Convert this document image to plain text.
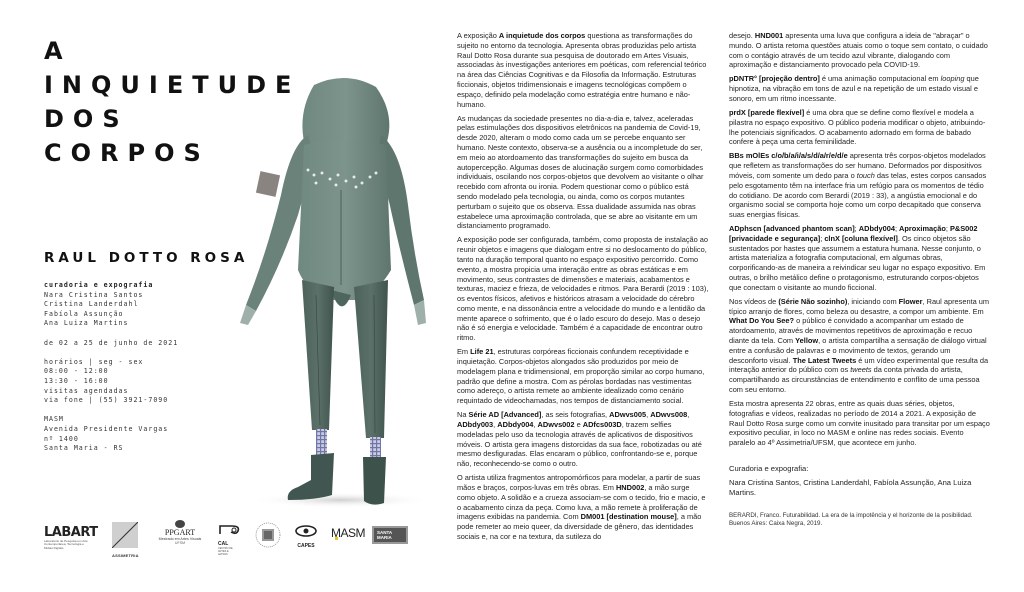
A
INQUIETUDE
DOS
CORPOS
RAUL DOTTO ROSA
curadoria e expografia
Nara Cristina Santos
Cristina Landerdahl
Fabíola Assunção
Ana Luiza Martins
de 02 a 25 de junho de 2021
horários | seg - sex
08:00 - 12:00
13:30 - 16:00
visitas agendadas
via fone | (55) 3921-7090
MASM
Avenida Presidente Vargas
nº 1400
Santa Maria - RS

A exposição A inquietude dos corpos questiona as transformações do sujeito no entorno da tecnologia. Apresenta obras produzidas pelo artista Raul Dotto Rosa durante sua pesquisa de doutorado em Artes Visuais, associadas às investigações anteriores em poéticas, com referencial teórico na área das Ciências Cognitivas e da Filosofia da Informação. Estruturas ficcionais, objetos tridimensionais e imagens tecnológicas compõem o espaço, definido pela modelação como estratégia entre humano e não-humano.

As mudanças da sociedade presentes no dia-a-dia e, talvez, aceleradas pelas estimulações dos dispositivos eletrônicos na pandemia de Covid-19, desde 2020, alteram o modo como cada um se percebe enquanto ser humano. Neste contexto, observa-se a ausência ou a incompletude do ser, em meio ao atordoamento das transformações do sujeito em busca da autopercepção. Algumas doses de alucinação surgem como comorbidades individuais, oscilando nos corpos-objetos que devolvem ao visitante o olhar recebido com afronta ou ironia. Podem questionar como o público está sendo modelado pela tecnologia, ou ainda, como os corpos mutantes perturbam o sujeito que os observa. Essa dualidade assumida nas obras estabelece uma aproximação controlada, que se abre ao visitante em um distanciamento programado.

A exposição pode ser configurada, também, como proposta de instalação ao reunir objetos e imagens que dialogam entre si no deslocamento do público, tanto na duração temporal quanto no espaço expositivo percorrido. Como evento, a mostra propicia uma interação entre as obras estáticas e em movimento, seus contrastes de dimensões e materiais, acabamentos e texturas, maciez e frieza, de velocidades e ritmos. Para Berardi (2019 : 103), os eventos físicos, afetivos e históricos atrasam a velocidade do cérebro como mente, e na dissonância entre a velocidade do mundo e a lentidão da mente aparece o sofrimento, que é o lado escuro do desejo. Mas o desejo não é só energia e velocidade. Também é a capacidade de encontrar outro ritmo.

Em Life 21, estruturas corpóreas ficcionais confundem receptividade e inquietação. Corpos-objetos alongados são produzidos por meio de modelagem plana e tridimensional, em proporção similar ao corpo humano, padrão que define a mostra. Com as pérolas bordadas nas vestimentas como adereço, o artista remete ao ambiente idealizado como cenário requintado de videochamadas, nos tempos de distanciamento social.

Na Série AD [Advanced], as seis fotografias, ADwvs005, ADwvs008, ADbdy003, ADbdy004, ADwvs002 e ADfcs003D, trazem selfies modeladas pelo uso da tecnologia através de aplicativos de dispositivos móveis. O artista gera imagens distorcidas da sua face, robotizadas ou até mesmo desfiguradas. Elas encaram o público, confrontando-se e, porque não, reconhecendo-se como o outro.

O artista utiliza fragmentos antropomórficos para modelar, a partir de suas mãos e braços, corpos-luvas em três obras. Em HND002, a mão surge como objeto. A solidão e a crueza associam-se com o tecido, frio e macio, e o acabamento cinza da peça. Como luva, a mão remete à proliferação de imagens exibidas na pandemia. Com DM001 [destination mouse], a mão pode remeter ao meio queer, da diversidade de gênero, das identidades sociais e, na cor e na textura, da sutileza do

desejo. HND001 apresenta uma luva que configura a ideia de "abraçar" o mundo. O artista retoma questões atuais como o toque sem contato, o cuidado com o contágio através de um tecido azul vibrante, dialogando com aproximação e distanciamento provocado pela COVID-19.

pDNTR° [projeção dentro] é uma animação computacional em looping que hipnotiza, na vibração em tons de azul e na repetição de um estado visual e sonoro, em um ritmo incessante.

prdX [parede flexível] é uma obra que se define como flexível e modela a pilastra no espaço expositivo. O público poderia modificar o objeto, atribuindo-lhe potenciais significados. O acabamento adornado em forma de babado confere à peça uma certa feminilidade.

BBs mOlEs c/o/b/a/i/a/s/d/a/r/e/d/e apresenta três corpos-objetos modelados que refletem as transformações do ser humano. Deformados por dispositivos móveis, com somente um dedo para o touch das telas, estes corpos cansados pelo esgotamento têm na interface fria um refúgio para os momentos de tédio do cotidiano. De acordo com Berardi (2019 : 33), a angústia emocional e do organismo social se comporta hoje como um corpo decapitado que conserva suas energias físicas.

ADphscn [advanced phantom scan]; ADbdy004; Aproximação; P&S002 [privacidade e segurança]; clnX [coluna flexível]. Os cinco objetos são sustentados por hastes que assumem a estatura humana. Nesse conjunto, o artista materializa a fotografia computacional, em algumas obras, corporificando-as de maneira a reivindicar seu lugar no espaço expositivo. Em outras, o brilho metálico define o protagonismo, estruturando corpos-objetos que conectam o visitante ao mundo ficcional.

Nos vídeos de (Série Não sozinho), iniciando com Flower, Raul apresenta um típico arranjo de flores, como beleza ou desastre, a compor um ambiente. Em What Do You See? o público é convidado a acompanhar um estado de atordoamento, através de movimentos repetitivos de aproximação e recuo diante da tela. Com Yellow, o artista compartilha a sensação de diálogo virtual entre a confusão de palavras e o movimento de textos, gerando um desconforto visual. The Latest Tweets é um vídeo experimental que resulta da interação anterior do público com os tweets da conta privada do artista, compartilhando as circunstâncias de entendimento e conflito de uma pessoa com seu entorno.

Esta mostra apresenta 22 obras, entre as quais duas séries, objetos, fotografias e vídeos, realizadas no período de 2014 a 2021. A exposição de Raul Dotto Rosa surge como um convite inusitado para transitar por um espaço expositivo peculiar, in loco no MASM e online nas redes sociais. Evento paralelo ao 4º Assimetria/UFSM, que acontece em junho.

Curadoria e expografia:

Nara Cristina Santos, Cristina Landerdahl, Fabíola Assunção, Ana Luiza Martins.

BERARDI, Franco. Futurabilidad. La era de la impotência y el horizonte de la posibilidad. Buenos Aires: Caixa Negra, 2019.

LABART
Laboratório de Pesquisa em Arte Contemporânea, Tecnologia e Mídias Digitais
ASSIMETRIA
PPGART
Mestrado em Artes Visuais
UFSM	CAL
CENTRO DE ARTES E LETRAS
CAPES
MASM	SANTA MARIA
